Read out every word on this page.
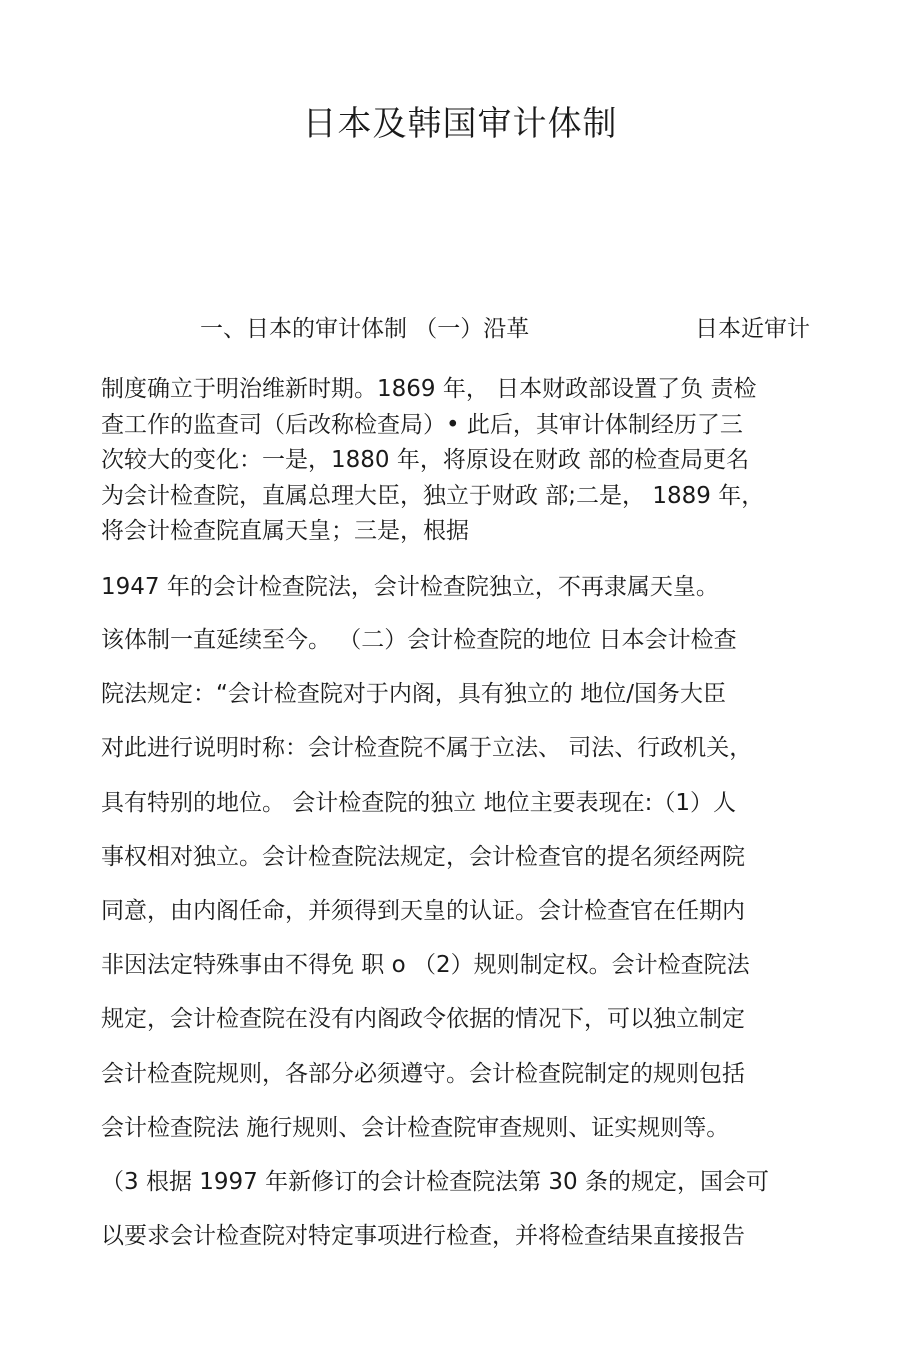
日本及韩国审计体制
一、日本的审计体制 （一）沿革	日本近审计
制度确立于明治维新时期。1869 年， 日本财政部设置了负 责检
查工作的监查司（后改称检查局）• 此后，其审计体制经历了三
次较大的变化：一是，1880 年，将原设在财政 部的检查局更名
为会计检查院，直属总理大臣，独立于财政 部;二是， 1889 年，
将会计检查院直属天皇；三是，根据
1947 年的会计检查院法，会计检查院独立，不再隶属天皇。
该体制一直延续至今。 （二）会计检查院的地位 日本会计检查
院法规定：“会计检查院对于内阁，具有独立的 地位/国务大臣
对此进行说明时称：会计检查院不属于立法、 司法、行政机关，
具有特别的地位。 会计检查院的独立 地位主要表现在:（1）人
事权相对独立。会计检查院法规定，会计检查官的提名须经两院
同意，由内阁任命，并须得到天皇的认证。会计检查官在任期内
非因法定特殊事由不得免 职 o （2）规则制定权。会计检查院法
规定，会计检查院在没有内阁政令依据的情况下，可以独立制定
会计检查院规则，各部分必须遵守。会计检查院制定的规则包括
会计检查院法 施行规则、会计检查院审查规则、证实规则等。
（3 根据 1997 年新修订的会计检查院法第 30 条的规定，国会可
以要求会计检查院对特定事项进行检查，并将检查结果直接报告
